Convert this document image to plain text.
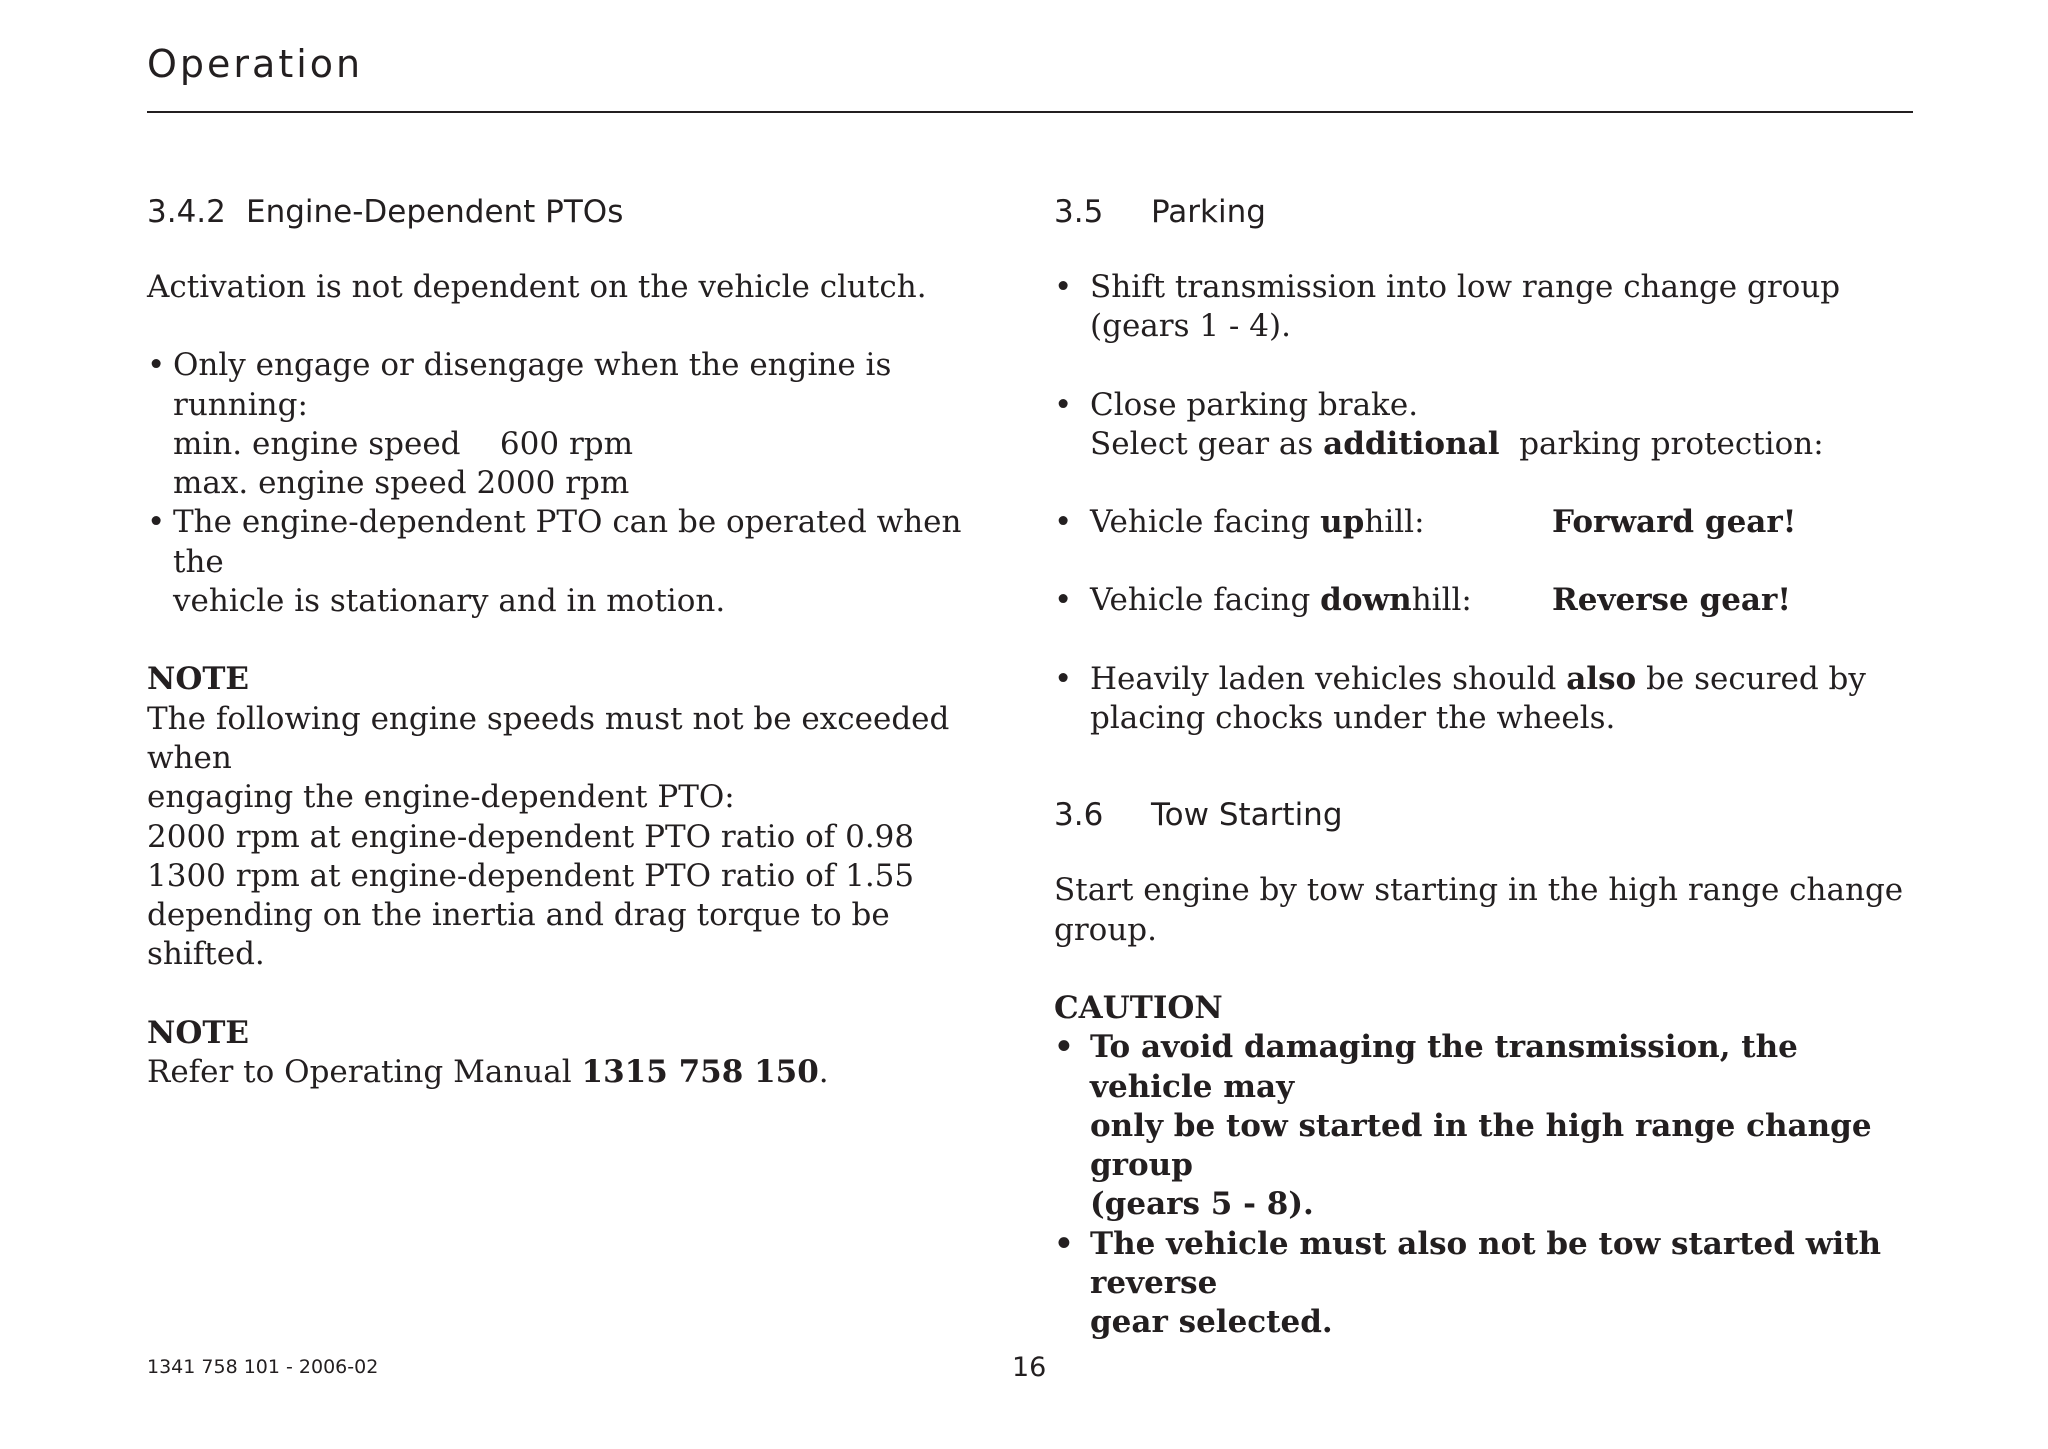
Operation
3.4.2 Engine-Dependent PTOs

Activation is not dependent on the vehicle clutch.

• Only engage or disengage when the engine is running:
min. engine speed    600 rpm
max. engine speed 2000 rpm
• The engine-dependent PTO can be operated when the
vehicle is stationary and in motion.

NOTE

The following engine speeds must not be exceeded when

engaging the engine-dependent PTO:

2000 rpm at engine-dependent PTO ratio of 0.98

1300 rpm at engine-dependent PTO ratio of 1.55

depending on the inertia and drag torque to be shifted.

NOTE

Refer to Operating Manual 1315 758 150.

3.5 Parking
• Shift transmission into low range change group
(gears 1 - 4).
• Close parking brake.
Select gear as additional  parking protection:
• Vehicle facing uphill:	Forward gear!
• Vehicle facing downhill:	Reverse gear!
• Heavily laden vehicles should also be secured by
placing chocks under the wheels.
3.6 Tow Starting

Start engine by tow starting in the high range change

group.

CAUTION

• To avoid damaging the transmission, the vehicle may
only be tow started in the high range change group
(gears 5 - 8).
• The vehicle must also not be tow started with reverse
gear selected.
1341 758 101 - 2006-02	16
